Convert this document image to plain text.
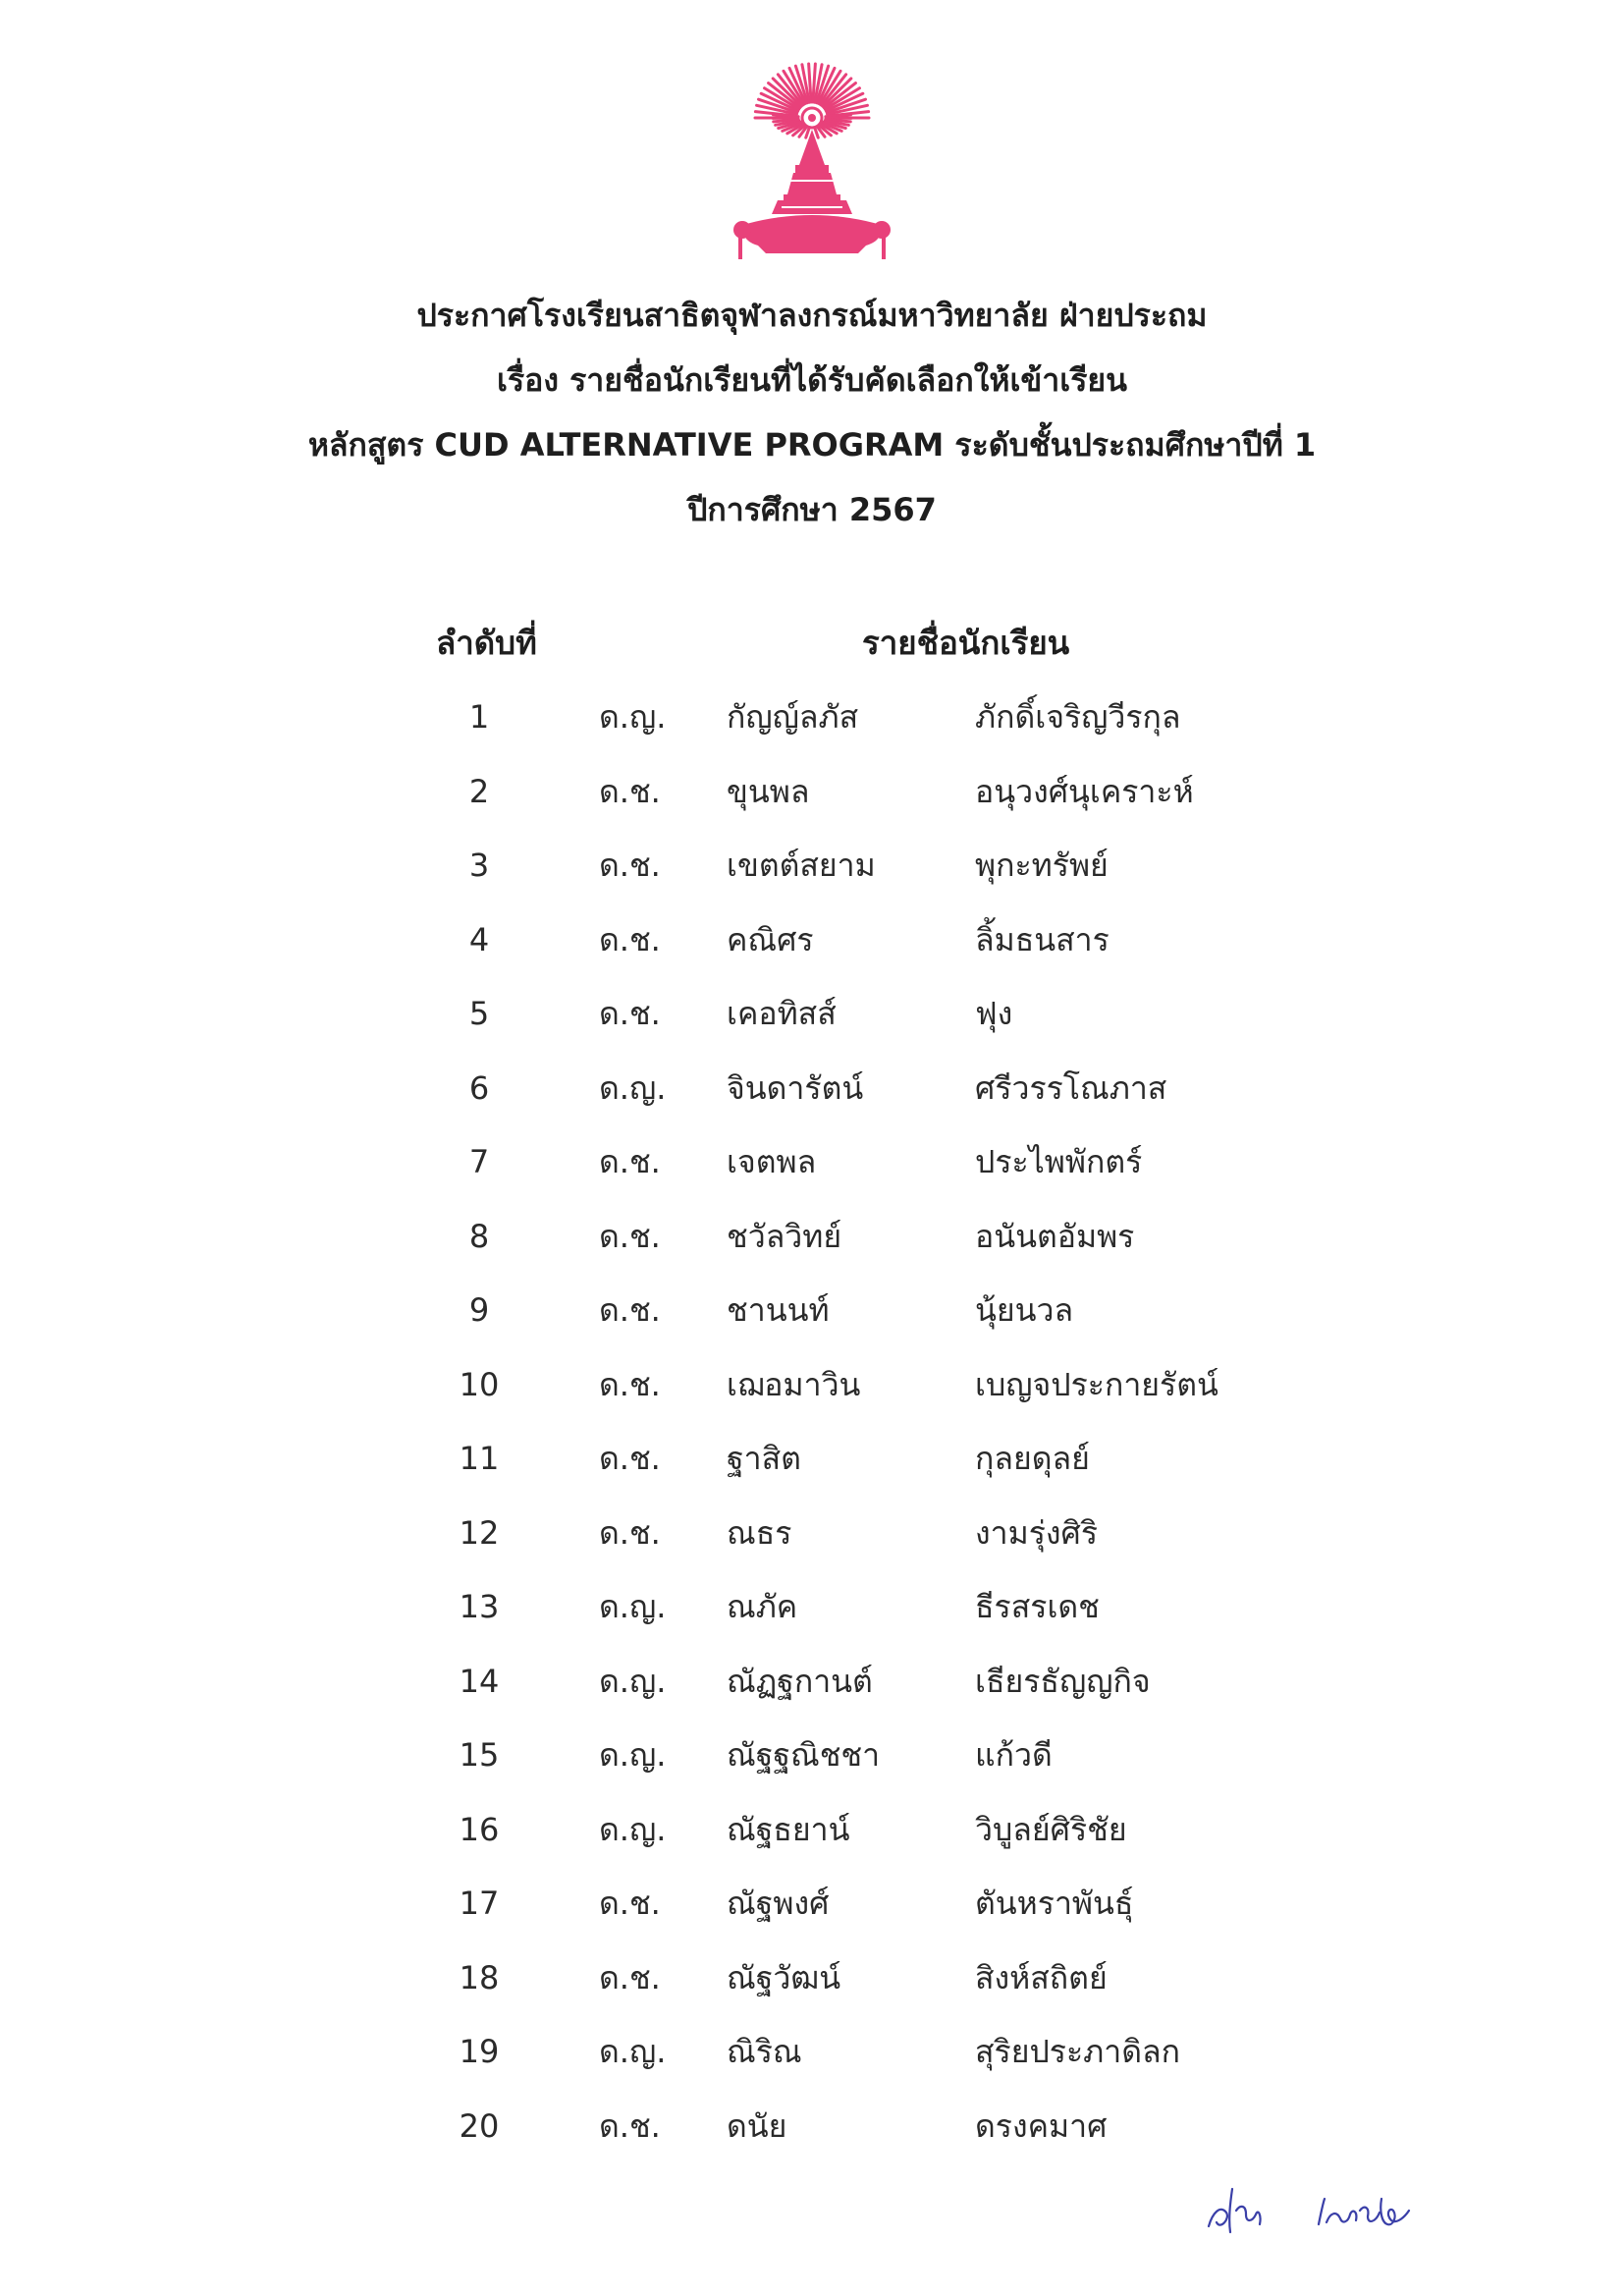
ประกาศโรงเรียนสาธิตจุฬาลงกรณ์มหาวิทยาลัย ฝ่ายประถม
เรื่อง รายชื่อนักเรียนที่ได้รับคัดเลือกให้เข้าเรียน
หลักสูตร CUD ALTERNATIVE PROGRAM ระดับชั้นประถมศึกษาปีที่ 1
ปีการศึกษา 2567
ลำดับที่	รายชื่อนักเรียน
1	ด.ญ. กัญญ์ลภัส	ภักดิ์เจริญวีรกุล
2	ด.ช. ขุนพล	อนุวงศ์นุเคราะห์
3	ด.ช. เขตต์สยาม	พุกะทรัพย์
4	ด.ช. คณิศร	ลิ้มธนสาร
5	ด.ช. เคอทิสส์	ฟุง
6	ด.ญ. จินดารัตน์	ศรีวรรโณภาส
7	ด.ช. เจตพล	ประไพพักตร์
8	ด.ช. ชวัลวิทย์	อนันตอัมพร
9	ด.ช. ชานนท์	นุ้ยนวล
10	ด.ช. เฌอมาวิน	เบญจประกายรัตน์
11	ด.ช. ฐาสิต	กุลยดุลย์
12	ด.ช. ณธร	งามรุ่งศิริ
13	ด.ญ. ณภัค	ธีรสรเดช
14	ด.ญ. ณัฏฐกานต์	เธียรธัญญกิจ
15	ด.ญ. ณัฐฐณิชชา	แก้วดี
16	ด.ญ. ณัฐธยาน์	วิบูลย์ศิริชัย
17	ด.ช. ณัฐพงศ์	ตันหราพันธุ์
18	ด.ช. ณัฐวัฒน์	สิงห์สถิตย์
19	ด.ญ. ณิริณ	สุริยประภาดิลก
20	ด.ช. ดนัย	ดรงคมาศ
